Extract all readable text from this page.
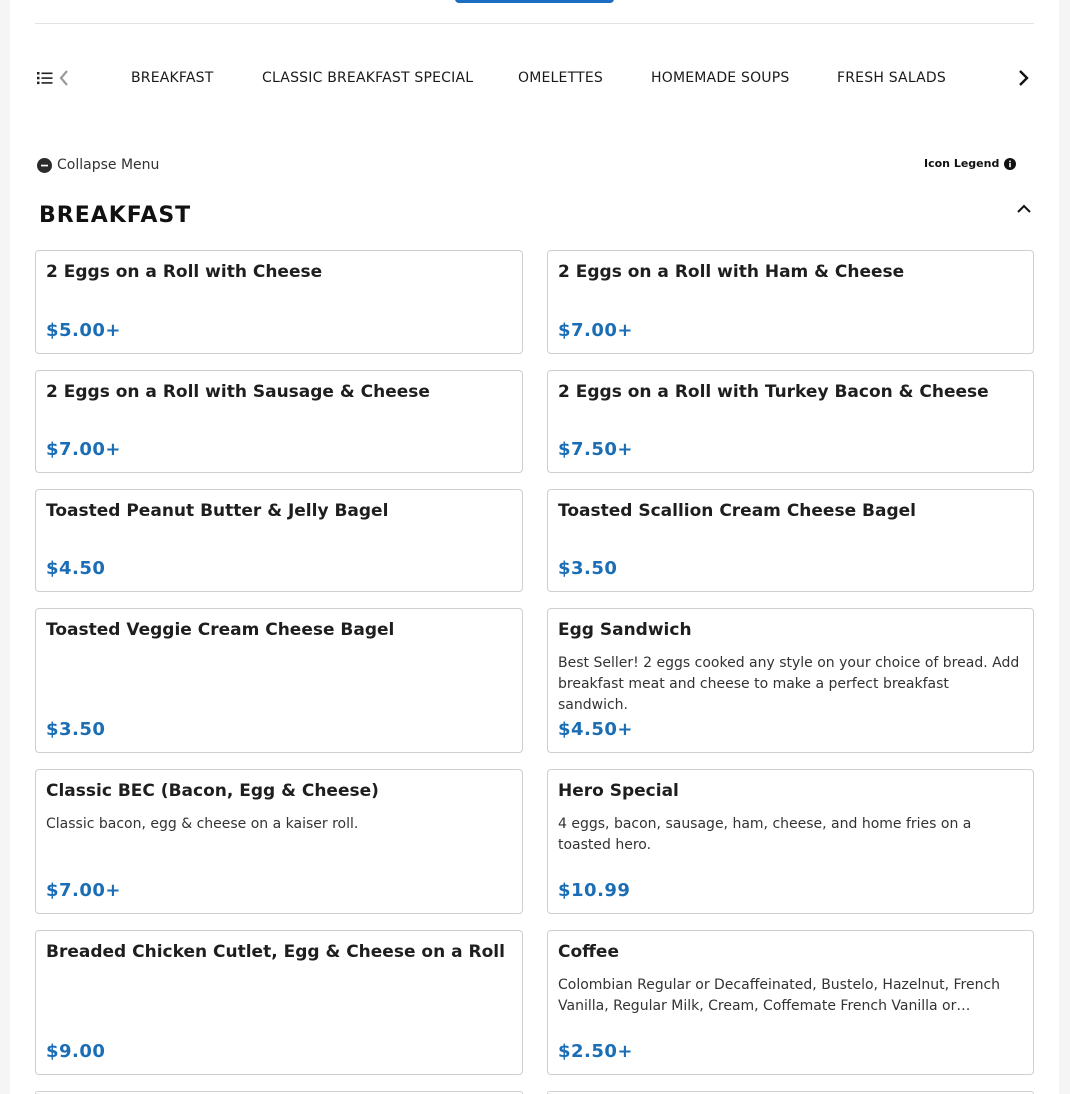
BREAKFAST	CLASSIC BREAKFAST SPECIAL	OMELETTES	HOMEMADE SOUPS	FRESH SALADS
Collapse Menu	Icon Legend
BREAKFAST
2 Eggs on a Roll with Cheese
$5.00+
2 Eggs on a Roll with Ham & Cheese
$7.00+
2 Eggs on a Roll with Sausage & Cheese
$7.00+
2 Eggs on a Roll with Turkey Bacon & Cheese
$7.50+
Toasted Peanut Butter & Jelly Bagel
$4.50
Toasted Scallion Cream Cheese Bagel
$3.50
Toasted Veggie Cream Cheese Bagel
$3.50
Egg Sandwich
Best Seller! 2 eggs cooked any style on your choice of bread. Add breakfast meat and cheese to make a perfect breakfast sandwich.
$4.50+
Classic BEC (Bacon, Egg & Cheese)
Classic bacon, egg & cheese on a kaiser roll.
$7.00+
Hero Special
4 eggs, bacon, sausage, ham, cheese, and home fries on a toasted hero.
$10.99
Breaded Chicken Cutlet, Egg & Cheese on a Roll
$9.00
Coffee
Colombian Regular or Decaffeinated, Bustelo, Hazelnut, French Vanilla, Regular Milk, Cream, Coffemate French Vanilla or…
$2.50+
